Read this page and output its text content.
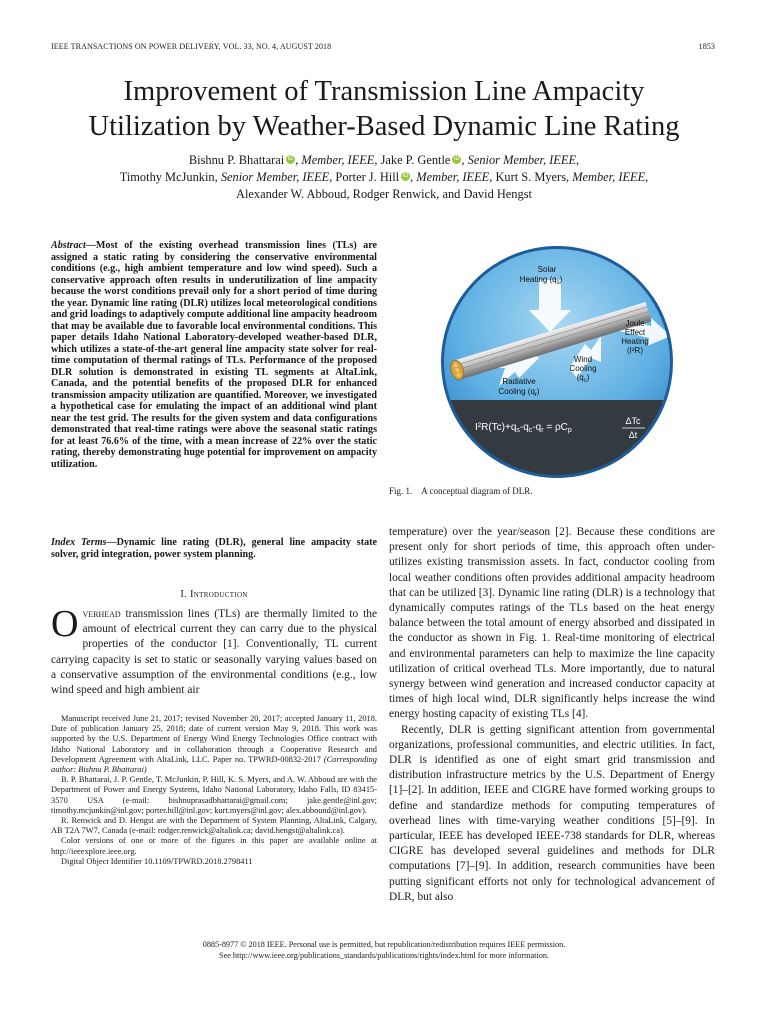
IEEE TRANSACTIONS ON POWER DELIVERY, VOL. 33, NO. 4, AUGUST 2018	1853
Improvement of Transmission Line Ampacity
Utilization by Weather-Based Dynamic Line Rating
Bishnu P. Bhattarai iD , Member, IEEE, Jake P. Gentle iD , Senior Member, IEEE,
Timothy McJunkin, Senior Member, IEEE, Porter J. Hill iD , Member, IEEE, Kurt S. Myers, Member, IEEE,
Alexander W. Abboud, Rodger Renwick, and David Hengst

Abstract—Most of the existing overhead transmission lines (TLs) are assigned a static rating by considering the conservative environmental conditions (e.g., high ambient temperature and low wind speed). Such a conservative approach often results in underutilization of line ampacity because the worst conditions prevail only for a short period of time during the year. Dynamic line rating (DLR) utilizes local meteorological conditions and grid loadings to adaptively compute additional line ampacity headroom that may be available due to favorable local environmental conditions. This paper details Idaho National Laboratory-developed weather-based DLR, which utilizes a state-of-the-art general line ampacity state solver for real-time computation of thermal ratings of TLs. Performance of the proposed DLR solution is demonstrated in existing TL segments at AltaLink, Canada, and the potential benefits of the proposed DLR for enhanced transmission ampacity utilization are quantified. Moreover, we investigated a hypothetical case for emulating the impact of an additional wind plant near the test grid. The results for the given system and data configurations demonstrated that real-time ratings were above the seasonal static ratings for at least 76.6% of the time, with a mean increase of 22% over the static rating, thereby demonstrating huge potential for improvement on ampacity utilization.

Index Terms—Dynamic line rating (DLR), general line ampacity state solver, grid integration, power system planning.

I. Introduction

Overhead transmission lines (TLs) are thermally limited to the amount of electrical current they can carry due to the physical properties of the conductor [1]. Conventionally, TL current carrying capacity is set to static or seasonally varying values based on a conservative assumption of the environmental conditions (e.g., low wind speed and high ambient air

Manuscript received June 21, 2017; revised November 20, 2017; accepted January 11, 2018. Date of publication January 25, 2018; date of current version May 9, 2018. This work was supported by the U.S. Department of Energy Wind Energy Technologies Office contract with Idaho National Laboratory and in collaboration through a Cooperative Research and Development Agreement with AltaLink, LLC. Paper no. TPWRD-00832-2017 (Corresponding author: Bishnu P. Bhattarai)

B. P. Bhattarai, J. P. Gentle, T. McJunkin, P. Hill, K. S. Myers, and A. W. Abboud are with the Department of Power and Energy Systems, Idaho National Laboratory, Idaho Falls, ID 83415-3570 USA (e-mail: bishnuprasadbhattarai@gmail.com; jake.gentle@inl.gov; timothy.mcjunkin@inl.gov; porter.hill@inl.gov; kurt.myers@inl.gov; alex.abbound@inl.gov).

R. Renwick and D. Hengst are with the Department of System Planning, AltaLink, Calgary, AB T2A 7W7, Canada (e-mail: rodger.renwick@altalink.ca; david.hengst@altalink.ca).

Color versions of one or more of the figures in this paper are available online at http://ieeexplore.ieee.org.

Digital Object Identifier 10.1109/TPWRD.2018.2798411

Solar
Heating $(q_s)$
Joule
Effect
Heating
(I²R)
Wind
Cooling
$(q_c)$
Radiative
Cooling $(q_r)$
$I^2R(Tc)+q_s-q_c-q_r = \rho C_p$
ΔTc
Δt
Fig. 1. A conceptual diagram of DLR.

temperature) over the year/season [2]. Because these conditions are present only for short periods of time, this approach often under-utilizes existing transmission assets. In fact, conductor cooling from local weather conditions often provides additional ampacity headroom that can be utilized [3]. Dynamic line rating (DLR) is a technology that dynamically computes ratings of the TLs based on the heat energy balance between the total amount of energy absorbed and dissipated in the conductor as shown in Fig. 1. Real-time monitoring of electrical and environmental parameters can help to maximize the line capacity utilization of critical overhead TLs. More importantly, due to natural synergy between wind generation and increased conductor capacity at times of high local wind, DLR significantly helps increase the wind energy hosting capacity of existing TLs [4].

Recently, DLR is getting significant attention from governmental organizations, professional communities, and electric utilities. In fact, DLR is identified as one of eight smart grid transmission and distribution infrastructure metrics by the U.S. Department of Energy [1]–[2]. In addition, IEEE and CIGRE have formed working groups to define and standardize methods for computing temperatures of overhead lines with time-varying weather conditions [5]–[9]. In particular, IEEE has developed IEEE-738 standards for DLR, whereas CIGRE has developed several guidelines and methods for DLR computations [7]–[9]. In addition, research communities have been putting significant efforts not only for technological advancement of DLR, but also

0885-8977 © 2018 IEEE. Personal use is permitted, but republication/redistribution requires IEEE permission.

See http://www.ieee.org/publications_standards/publications/rights/index.html for more information.
